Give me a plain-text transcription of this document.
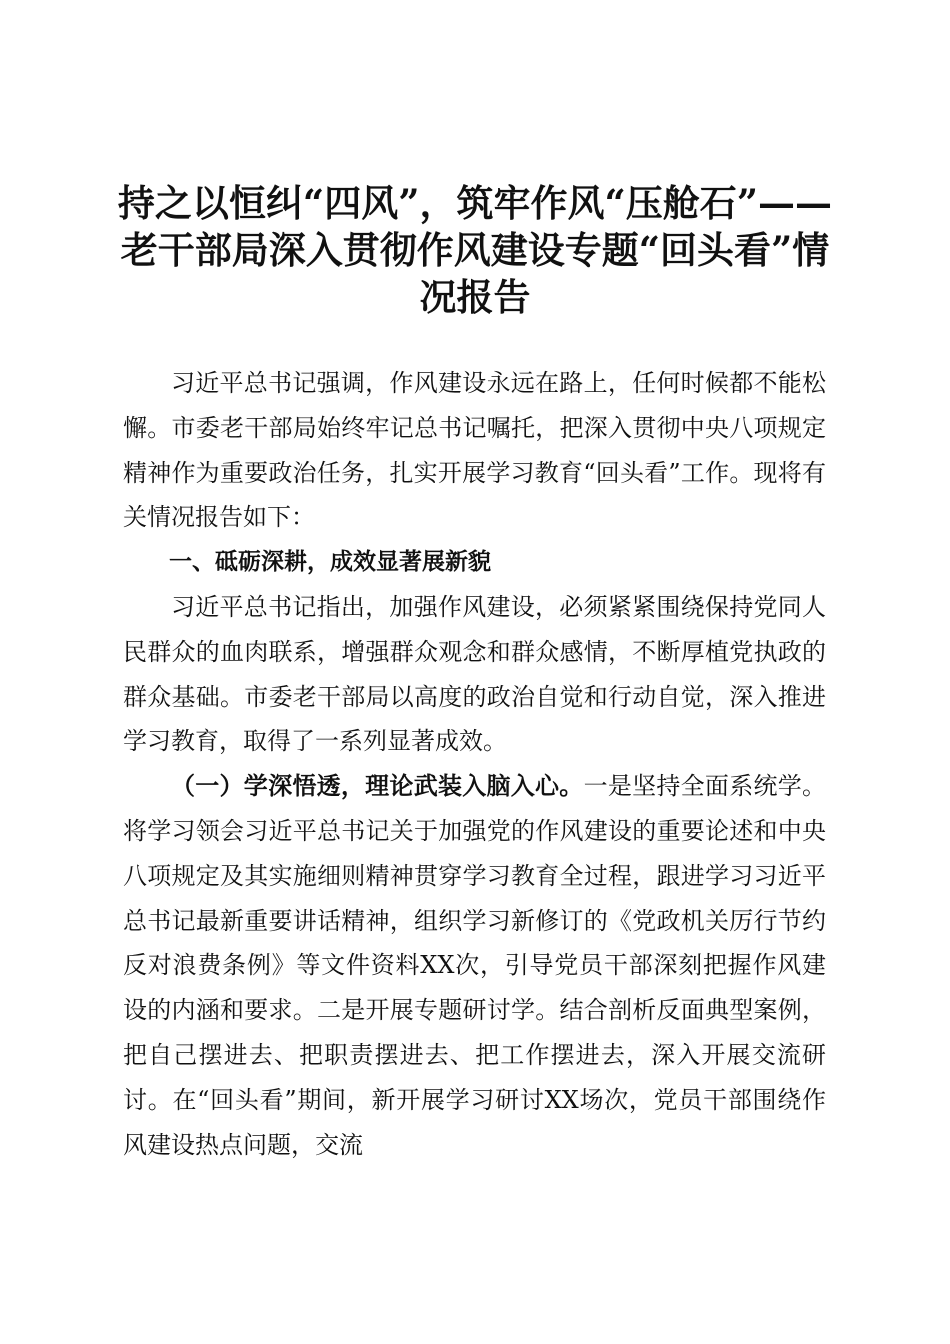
持之以恒纠“四风”，筑牢作风“压舱石”——老干部局深入贯彻作风建设专题“回头看”情况报告

习近平总书记强调，作风建设永远在路上，任何时候都不能松懈。市委老干部局始终牢记总书记嘱托，把深入贯彻中央八项规定精神作为重要政治任务，扎实开展学习教育“回头看”工作。现将有关情况报告如下：

一、砥砺深耕，成效显著展新貌

习近平总书记指出，加强作风建设，必须紧紧围绕保持党同人民群众的血肉联系，增强群众观念和群众感情，不断厚植党执政的群众基础。市委老干部局以高度的政治自觉和行动自觉，深入推进学习教育，取得了一系列显著成效。

（一）学深悟透，理论武装入脑入心。一是坚持全面系统学。将学习领会习近平总书记关于加强党的作风建设的重要论述和中央八项规定及其实施细则精神贯穿学习教育全过程，跟进学习习近平总书记最新重要讲话精神，组织学习新修订的《党政机关厉行节约反对浪费条例》等文件资料XX次，引导党员干部深刻把握作风建设的内涵和要求。二是开展专题研讨学。结合剖析反面典型案例，把自己摆进去、把职责摆进去、把工作摆进去，深入开展交流研讨。在“回头看”期间，新开展学习研讨XX场次，党员干部围绕作风建设热点问题，交流
